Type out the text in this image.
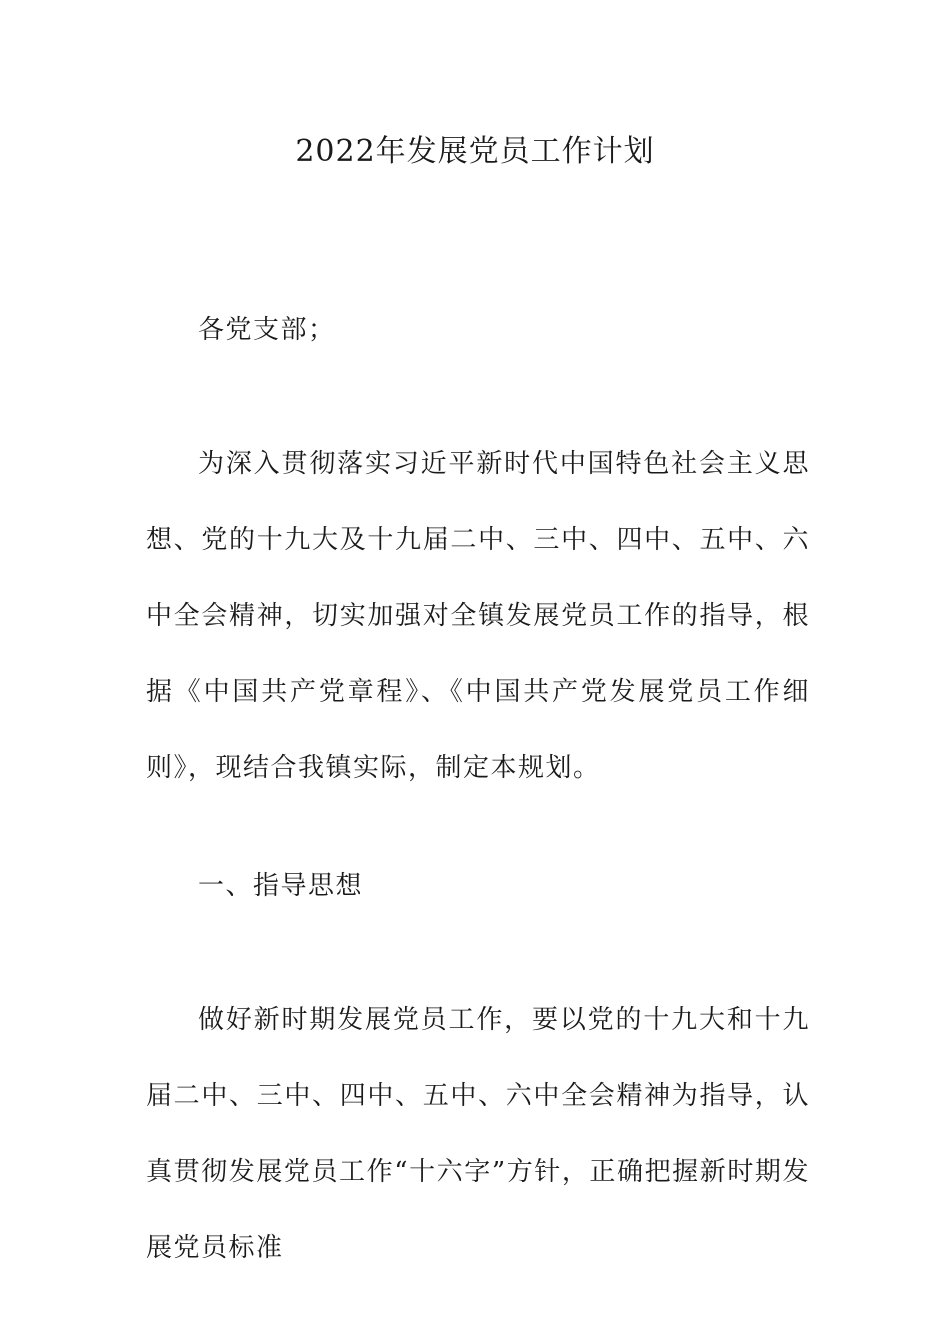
2022年发展党员工作计划

各党支部；

为深入贯彻落实习近平新时代中国特色社会主义思想、党的十九大及十九届二中、三中、四中、五中、六中全会精神，切实加强对全镇发展党员工作的指导，根据《中国共产党章程》、《中国共产党发展党员工作细则》，现结合我镇实际，制定本规划。

一、指导思想

做好新时期发展党员工作，要以党的十九大和十九届二中、三中、四中、五中、六中全会精神为指导，认真贯彻发展党员工作“十六字”方针，正确把握新时期发展党员标准
